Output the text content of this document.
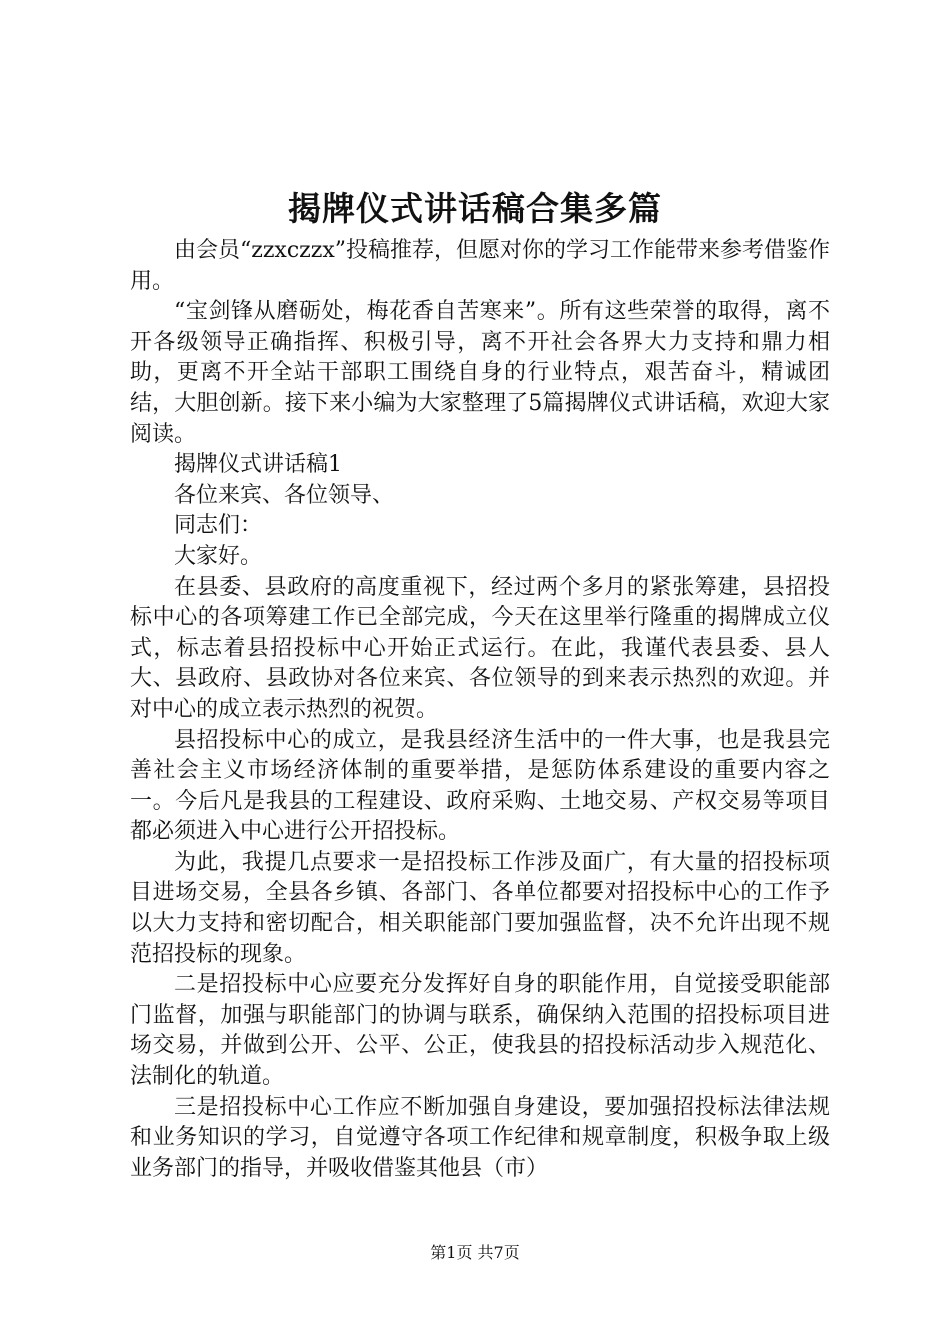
揭牌仪式讲话稿合集多篇

由会员“zzxczzx”投稿推荐，但愿对你的学习工作能带来参考借鉴作用。

“宝剑锋从磨砺处，梅花香自苦寒来”。所有这些荣誉的取得，离不开各级领导正确指挥、积极引导，离不开社会各界大力支持和鼎力相助，更离不开全站干部职工围绕自身的行业特点，艰苦奋斗，精诚团结，大胆创新。接下来小编为大家整理了5篇揭牌仪式讲话稿，欢迎大家阅读。

揭牌仪式讲话稿1

各位来宾、各位领导、

同志们：

大家好。

在县委、县政府的高度重视下，经过两个多月的紧张筹建，县招投标中心的各项筹建工作已全部完成，今天在这里举行隆重的揭牌成立仪式，标志着县招投标中心开始正式运行。在此，我谨代表县委、县人大、县政府、县政协对各位来宾、各位领导的到来表示热烈的欢迎。并对中心的成立表示热烈的祝贺。

县招投标中心的成立，是我县经济生活中的一件大事，也是我县完善社会主义市场经济体制的重要举措，是惩防体系建设的重要内容之一。今后凡是我县的工程建设、政府采购、土地交易、产权交易等项目都必须进入中心进行公开招投标。

为此，我提几点要求一是招投标工作涉及面广，有大量的招投标项目进场交易，全县各乡镇、各部门、各单位都要对招投标中心的工作予以大力支持和密切配合，相关职能部门要加强监督，决不允许出现不规范招投标的现象。

二是招投标中心应要充分发挥好自身的职能作用，自觉接受职能部门监督，加强与职能部门的协调与联系，确保纳入范围的招投标项目进场交易，并做到公开、公平、公正，使我县的招投标活动步入规范化、法制化的轨道。

三是招投标中心工作应不断加强自身建设，要加强招投标法律法规和业务知识的学习，自觉遵守各项工作纪律和规章制度，积极争取上级业务部门的指导，并吸收借鉴其他县（市）

第1页 共7页
